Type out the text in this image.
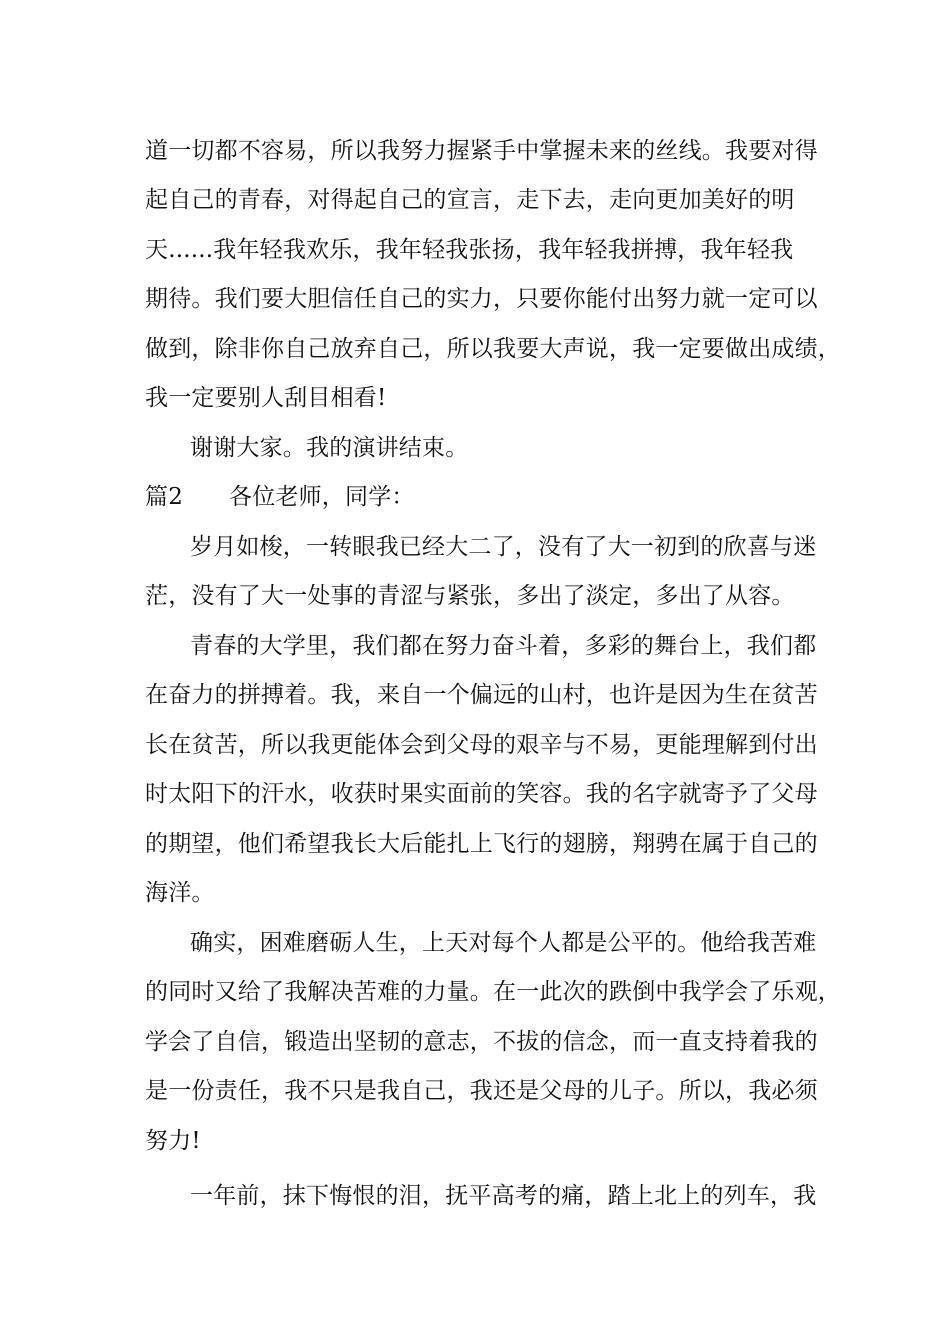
道一切都不容易，所以我努力握紧手中掌握未来的丝线。我要对得
起自己的青春，对得起自己的宣言，走下去，走向更加美好的明
天......我年轻我欢乐，我年轻我张扬，我年轻我拼搏，我年轻我
期待。我们要大胆信任自己的实力，只要你能付出努力就一定可以
做到，除非你自己放弃自己，所以我要大声说，我一定要做出成绩，
我一定要别人刮目相看!
谢谢大家。我的演讲结束。
篇2 各位老师，同学：
岁月如梭，一转眼我已经大二了，没有了大一初到的欣喜与迷
茫，没有了大一处事的青涩与紧张，多出了淡定，多出了从容。
青春的大学里，我们都在努力奋斗着，多彩的舞台上，我们都
在奋力的拼搏着。我，来自一个偏远的山村，也许是因为生在贫苦
长在贫苦，所以我更能体会到父母的艰辛与不易，更能理解到付出
时太阳下的汗水，收获时果实面前的笑容。我的名字就寄予了父母
的期望，他们希望我长大后能扎上飞行的翅膀，翔骋在属于自己的
海洋。
确实，困难磨砺人生，上天对每个人都是公平的。他给我苦难
的同时又给了我解决苦难的力量。在一此次的跌倒中我学会了乐观，
学会了自信，锻造出坚韧的意志，不拔的信念，而一直支持着我的
是一份责任，我不只是我自己，我还是父母的儿子。所以，我必须
努力!
一年前，抹下悔恨的泪，抚平高考的痛，踏上北上的列车，我
